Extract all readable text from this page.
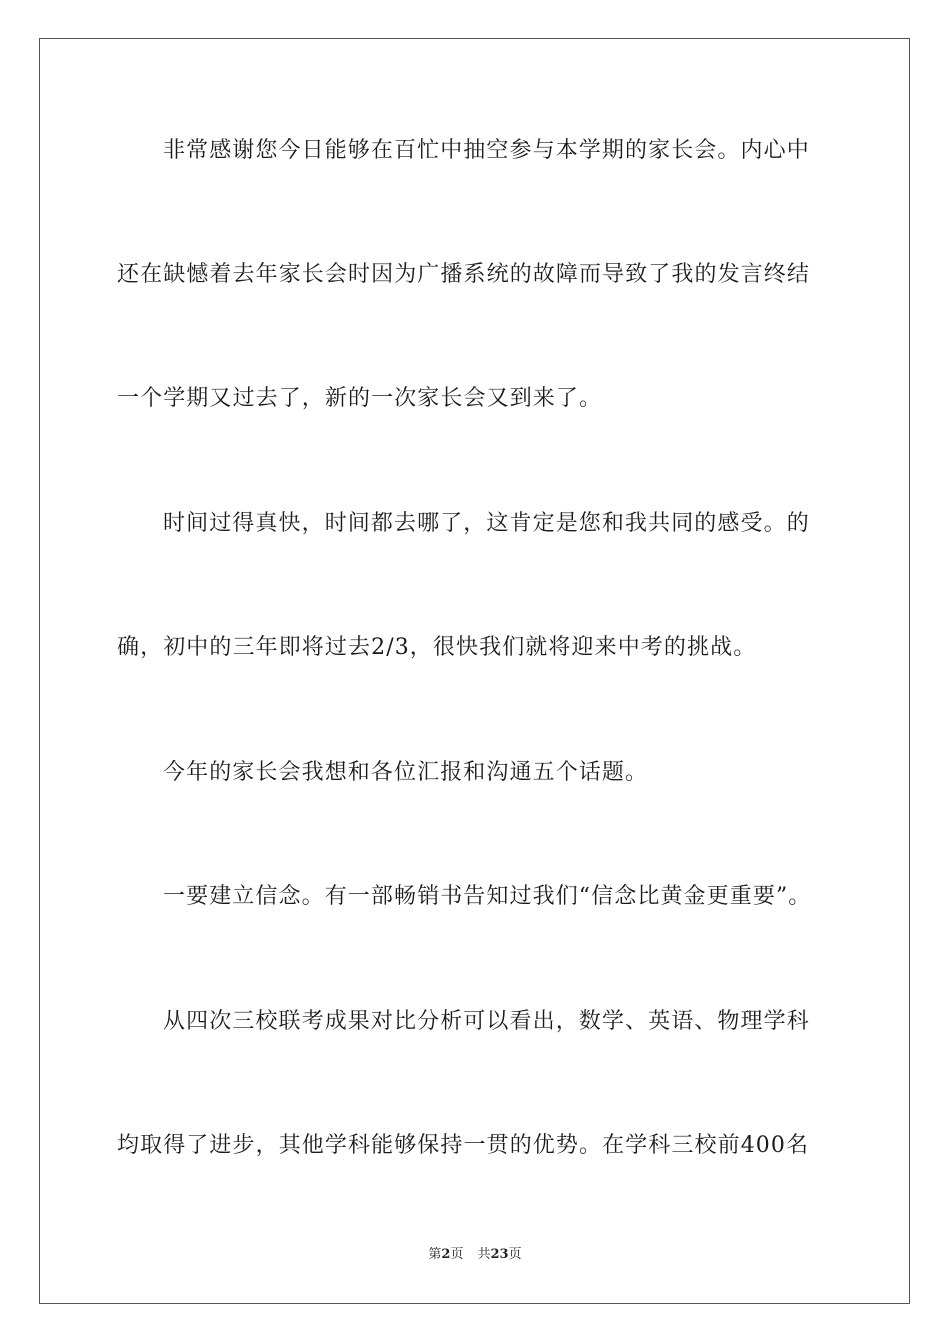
非常感谢您今日能够在百忙中抽空参与本学期的家长会。内心中
还在缺憾着去年家长会时因为广播系统的故障而导致了我的发言终结
一个学期又过去了，新的一次家长会又到来了。
时间过得真快，时间都去哪了，这肯定是您和我共同的感受。的
确，初中的三年即将过去2/3，很快我们就将迎来中考的挑战。
今年的家长会我想和各位汇报和沟通五个话题。
一要建立信念。有一部畅销书告知过我们“信念比黄金更重要”。
从四次三校联考成果对比分析可以看出，数学、英语、物理学科
均取得了进步，其他学科能够保持一贯的优势。在学科三校前400名
第2页 共23页
